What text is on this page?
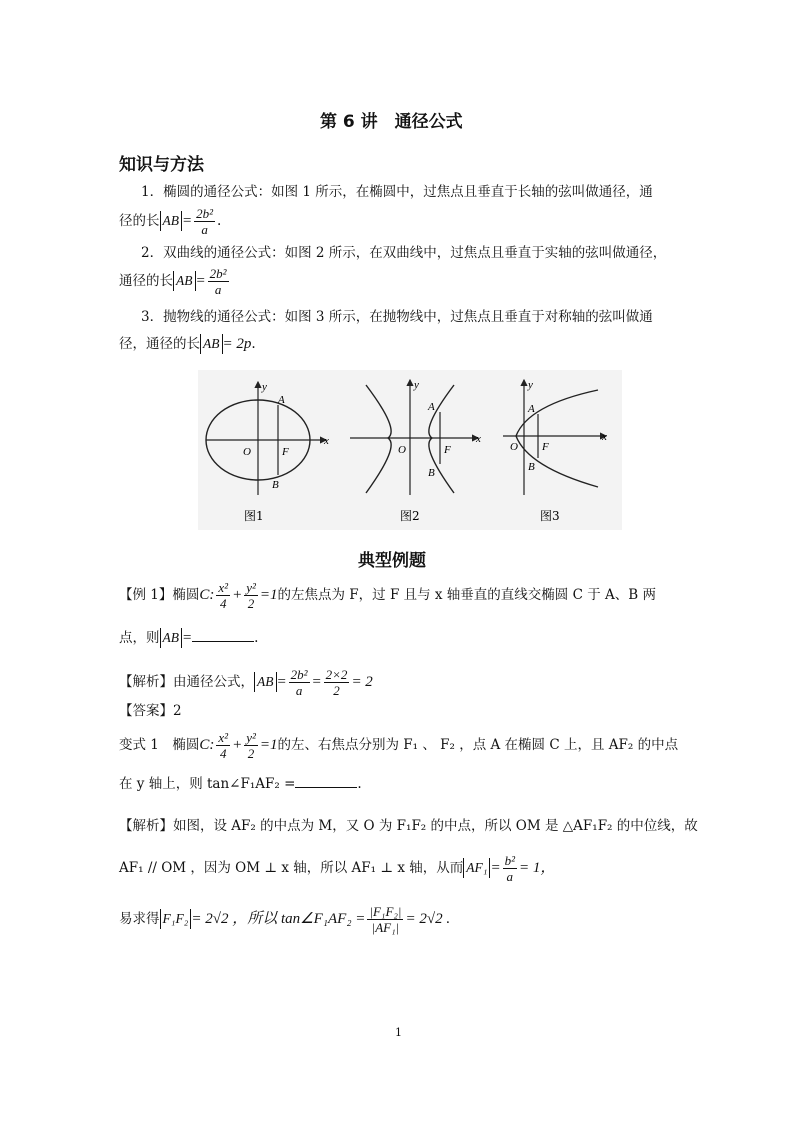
第 6 讲　通径公式
知识与方法
1．椭圆的通径公式：如图 1 所示，在椭圆中，过焦点且垂直于长轴的弦叫做通径，通
径的长 AB = $\frac{\text{2b²}}{a}$ .
2．双曲线的通径公式：如图 2 所示，在双曲线中，过焦点且垂直于实轴的弦叫做通径，
通径的长 AB = $\frac{\text{2b²}}{a}$
3．抛物线的通径公式：如图 3 所示，在抛物线中，过焦点且垂直于对称轴的弦叫做通
径，通径的长 AB = 2p.
x
y
O	F
A
B
图1
x
y
O	F
A
B
图2
x
y
O F
A
B
图3
典型例题
【例 1】椭圆C: $\frac{\text{x²}}{4} + \frac{\text{y²}}{2} =1$的左焦点为 F，过 F 且与 x 轴垂直的直线交椭圆 C 于 A、B 两
点，则 AB =	.
【解析】由通径公式， AB = $\frac{\text{2b²}}{a} = \frac{2\times 2}{2} = 2$
【答案】2
变式 1　 椭圆C: $\frac{\text{x²}}{4} + \frac{\text{y²}}{2} =1$的左、右焦点分别为 F₁ 、 F₂ ，点 A 在椭圆 C 上，且 AF₂ 的中点
在 y 轴上，则 tan∠F₁AF₂ =	.
【解析】如图，设 AF₂ 的中点为 M，又 O 为 F₁F₂ 的中点，所以 OM 是 △AF₁F₂ 的中位线，故
AF₁ // OM ，因为 OM ⊥ x 轴，所以 AF₁ ⊥ x 轴，从而 $AF_1 = \frac{\text{b²}}{a} = 1$，
易求得 F₁F₂ = 2√2 ，所以 tan∠F₁AF₂ = $\frac{\text{|F₁F₂|}}{\text{|AF₁|}} = 2√2$ .
1
